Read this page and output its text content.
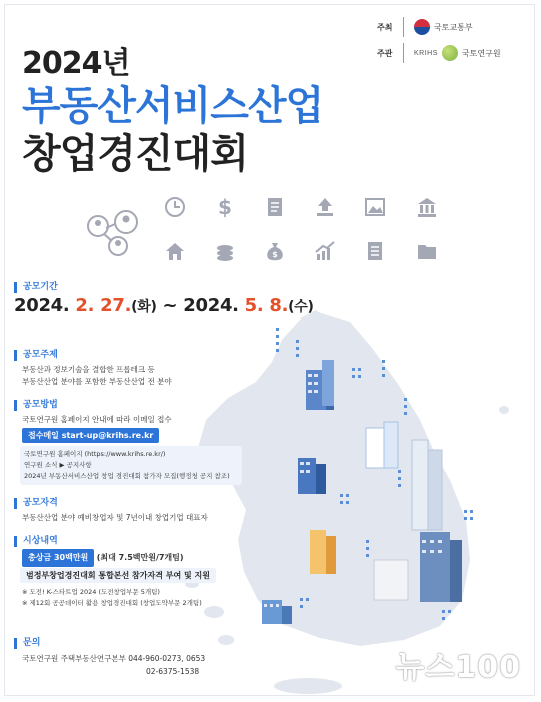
주최	국토교통부
주관	KRIHS	국토연구원
2024년
부동산서비스산업
창업경진대회
$
$
공모기간
2024. 2. 27.(화) ~ 2024. 5. 8.(수)
공모주제
부동산과 정보기술을 결합한 프롭테크 등
부동산산업 분야를 포함한 부동산산업 전 분야
공모방법
국토연구원 홈페이지 안내에 따라 이메일 접수
접수메일 start-up@krihs.re.kr
국토연구원 홈페이지 (https://www.krihs.re.kr/)
연구원 소식 ▶ 공지사항
2024년 부동산서비스산업 창업 경진대회 참가자 모집(행정청 공지 참조)
공모자격
부동산산업 분야 예비창업자 및 7년이내 창업기업 대표자
시상내역
총상금 30백만원 (최대 7.5백만원/7개팀)
범정부창업경진대회 통합본선 참가자격 부여 및 지원
※ 도전! K-스타트업 2024 (도전창업부문 5개팀)
※ 제12회 공공데이터 활용 창업경진대회 (창업도약부문 2개팀)
문의
국토연구원 주택부동산연구본부 044-960-0273, 0653
02-6375-1538	뉴스100
